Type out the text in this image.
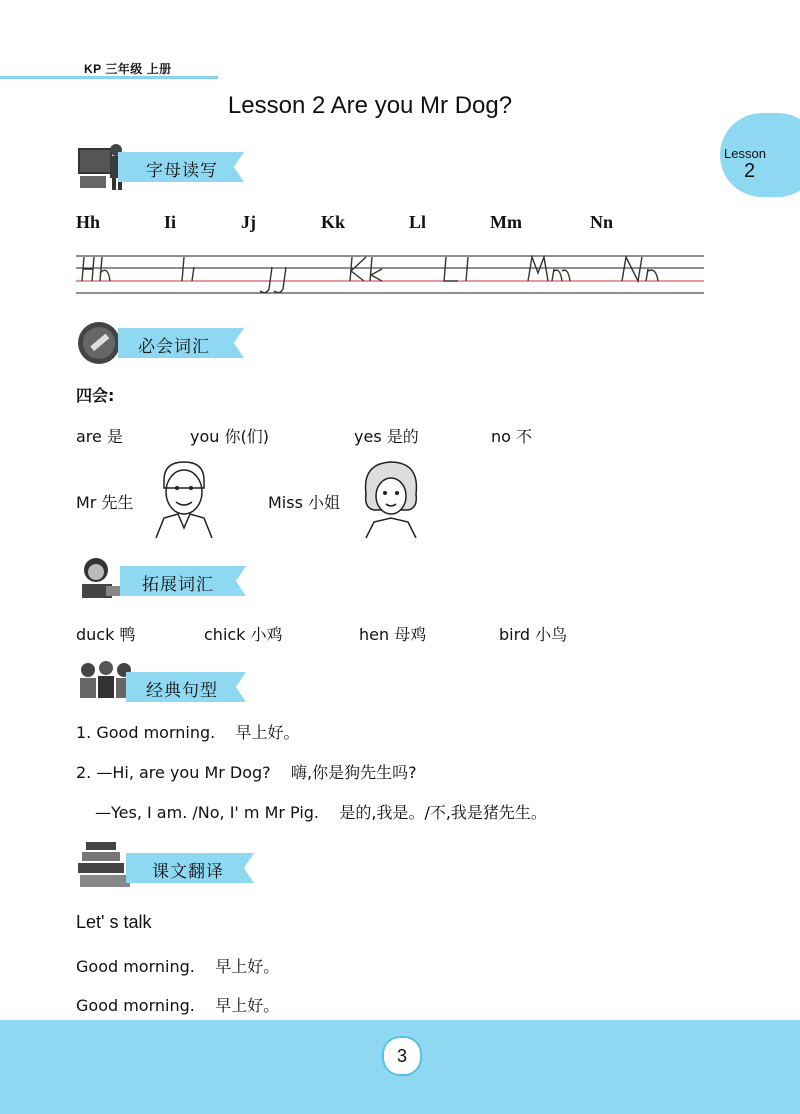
KP 三年级 上册
Lesson 2 Are you Mr Dog?
Lesson
2
字母读写
Hh	Ii	Jj	Kk	Ll	Mm	Nn
必会词汇
四会:
are 是	you 你(们)	yes 是的	no 不
Mr 先生	Miss 小姐
拓展词汇
duck 鸭	chick 小鸡	hen 母鸡	bird 小鸟
经典句型
1. Good morning.    早上好。
2. —Hi, are you Mr Dog?    嗨,你是狗先生吗?
—Yes, I am. /No, I' m Mr Pig.    是的,我是。/不,我是猪先生。
课文翻译
Let' s talk
Good morning.    早上好。
Good morning.    早上好。
3
